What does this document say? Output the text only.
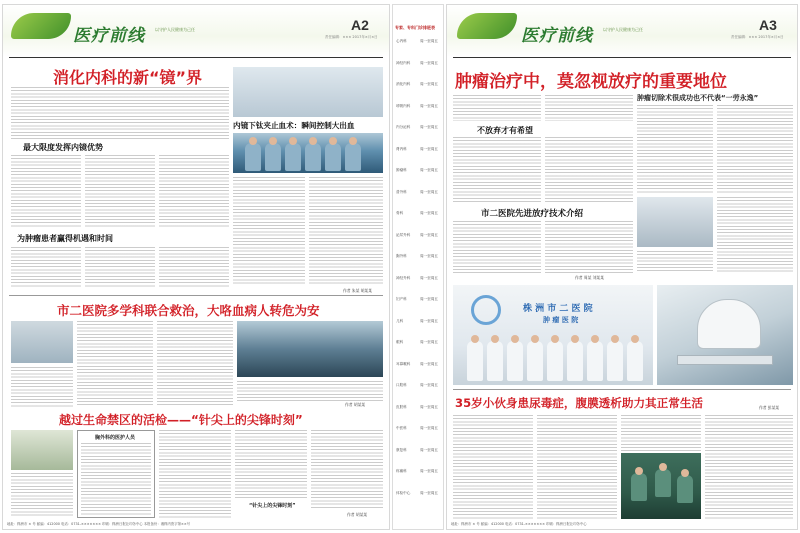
医疗前线	以守护人民健康为己任	A2
责任编辑：××× 2017年×月×日
消化内科的新“镜”界
最大限度发挥内镜优势
为肿瘤患者赢得机遇和时间
内镜下钛夹止血术：瞬间控制大出血
作者 朱某 胡某某
市二医院多学科联合救治，大咯血病人转危为安
作者 胡某某
越过生命禁区的活检——“针尖上的尖锋时刻”
胸外科的医护人员
“针尖上的尖锋时刻”
作者 胡某某
地址：株洲市 × 号 邮编：412000 电话：0731-××××××× 印刷：株洲日报社印务中心 本报备份：湘株内资字第××号
专家、专科门诊排班表
心内科	周一至周五
神经内科	周一至周五
消化内科	周一至周五
呼吸内科	周一至周五
内分泌科	周一至周五
肾内科	周一至周五
肿瘤科	周一至周五
普外科	周一至周五
骨科	周一至周五
泌尿外科	周一至周五
胸外科	周一至周五
神经外科	周一至周五
妇产科	周一至周五
儿科	周一至周五
眼科	周一至周五
耳鼻喉科	周一至周五
口腔科	周一至周五
皮肤科	周一至周五
中医科	周一至周五
康复科	周一至周五
疼痛科	周一至周五
体检中心	周一至周五
医疗前线	以守护人民健康为己任	A3
责任编辑：××× 2017年×月×日
肿瘤治疗中，莫忽视放疗的重要地位
肿瘤切除术很成功也不代表“一劳永逸”
不放弃才有希望
市二医院先进放疗技术介绍
作者 周某 刘某某
株 洲 市 二 医 院
肿 瘤 医 院
35岁小伙身患尿毒症，腹膜透析助力其正常生活	作者 彭某某
地址：株洲市 × 号 邮编：412000 电话：0731-××××××× 印刷：株洲日报社印务中心
